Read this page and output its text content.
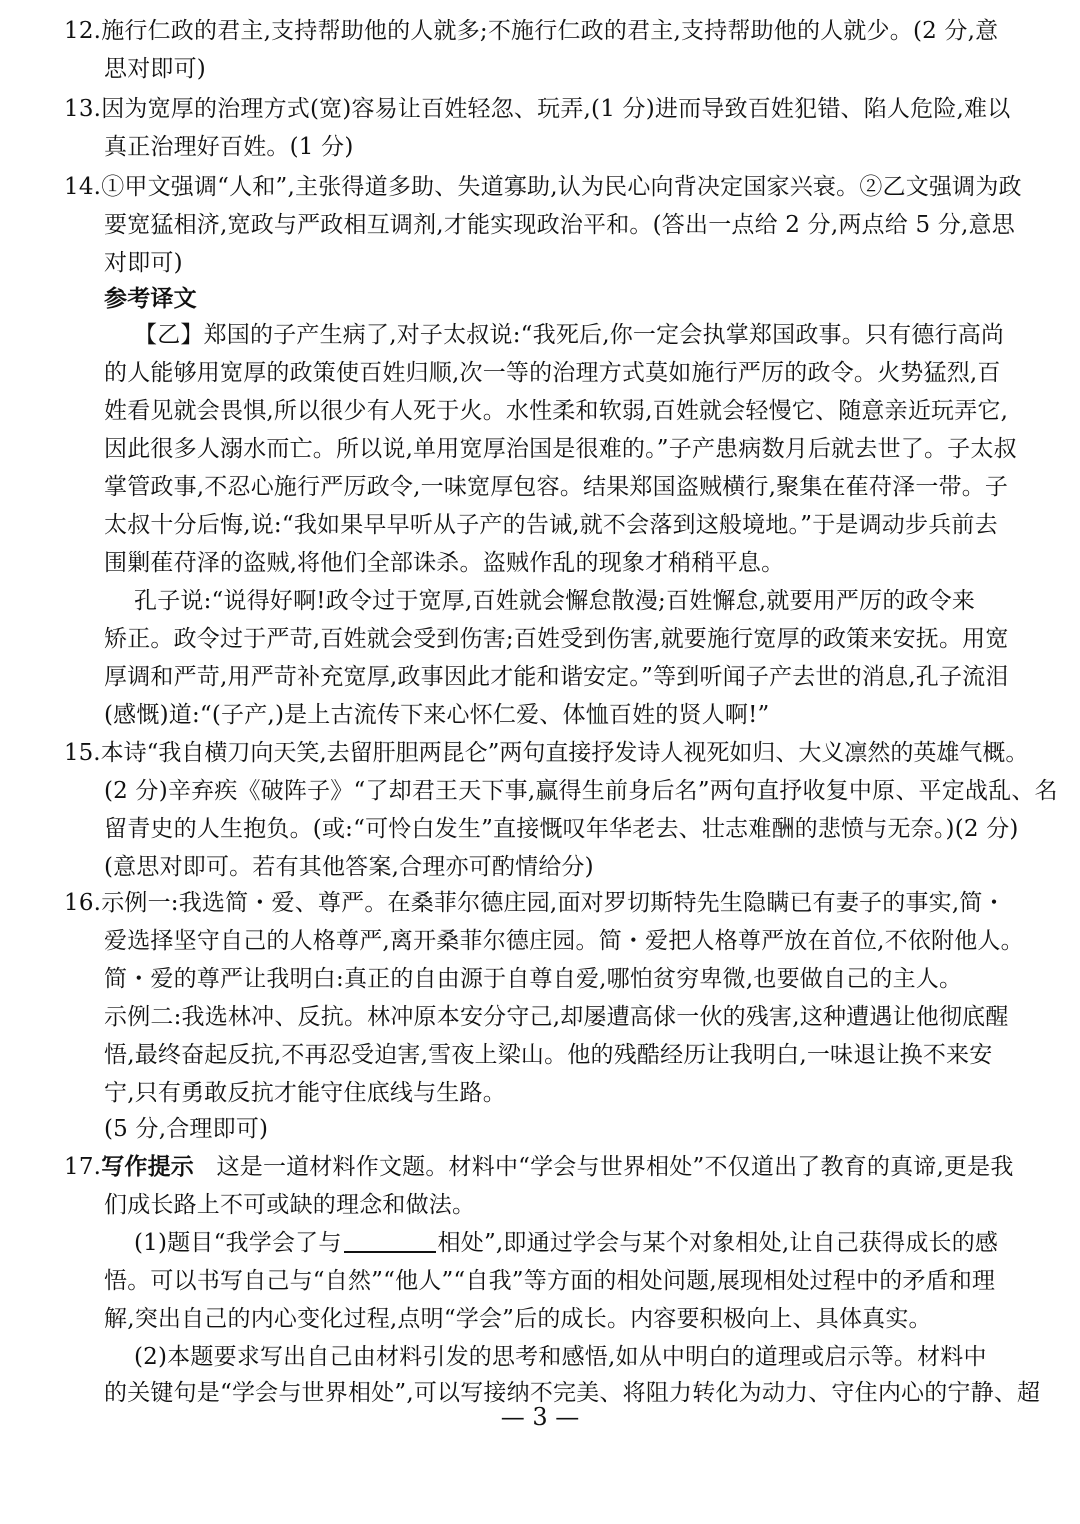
12.施行仁政的君主,支持帮助他的人就多;不施行仁政的君主,支持帮助他的人就少。(2 分,意
思对即可)
13.因为宽厚的治理方式(宽)容易让百姓轻忽、玩弄,(1 分)进而导致百姓犯错、陷人危险,难以
真正治理好百姓。(1 分)
14.①甲文强调“人和”,主张得道多助、失道寡助,认为民心向背决定国家兴衰。②乙文强调为政
要宽猛相济,宽政与严政相互调剂,才能实现政治平和。(答出一点给 2 分,两点给 5 分,意思
对即可)
参考译文
【乙】郑国的子产生病了,对子太叔说:“我死后,你一定会执掌郑国政事。只有德行高尚
的人能够用宽厚的政策使百姓归顺,次一等的治理方式莫如施行严厉的政令。火势猛烈,百
姓看见就会畏惧,所以很少有人死于火。水性柔和软弱,百姓就会轻慢它、随意亲近玩弄它,
因此很多人溺水而亡。所以说,单用宽厚治国是很难的。”子产患病数月后就去世了。子太叔
掌管政事,不忍心施行严厉政令,一味宽厚包容。结果郑国盗贼横行,聚集在萑苻泽一带。子
太叔十分后悔,说:“我如果早早听从子产的告诫,就不会落到这般境地。”于是调动步兵前去
围剿萑苻泽的盗贼,将他们全部诛杀。盗贼作乱的现象才稍稍平息。
孔子说:“说得好啊!政令过于宽厚,百姓就会懈怠散漫;百姓懈怠,就要用严厉的政令来
矫正。政令过于严苛,百姓就会受到伤害;百姓受到伤害,就要施行宽厚的政策来安抚。用宽
厚调和严苛,用严苛补充宽厚,政事因此才能和谐安定。”等到听闻子产去世的消息,孔子流泪
(感慨)道:“(子产,)是上古流传下来心怀仁爱、体恤百姓的贤人啊!”
15.本诗“我自横刀向天笑,去留肝胆两昆仑”两句直接抒发诗人视死如归、大义凛然的英雄气概。
(2 分)辛弃疾《破阵子》“了却君王天下事,赢得生前身后名”两句直抒收复中原、平定战乱、名
留青史的人生抱负。(或:“可怜白发生”直接慨叹年华老去、壮志难酬的悲愤与无奈。)(2 分)
(意思对即可。若有其他答案,合理亦可酌情给分)
16.示例一:我选简・爱、尊严。在桑菲尔德庄园,面对罗切斯特先生隐瞒已有妻子的事实,简・
爱选择坚守自己的人格尊严,离开桑菲尔德庄园。简・爱把人格尊严放在首位,不依附他人。
简・爱的尊严让我明白:真正的自由源于自尊自爱,哪怕贫穷卑微,也要做自己的主人。
示例二:我选林冲、反抗。林冲原本安分守己,却屡遭高俅一伙的残害,这种遭遇让他彻底醒
悟,最终奋起反抗,不再忍受迫害,雪夜上梁山。他的残酷经历让我明白,一味退让换不来安
宁,只有勇敢反抗才能守住底线与生路。
(5 分,合理即可)
17.写作提示 这是一道材料作文题。材料中“学会与世界相处”不仅道出了教育的真谛,更是我
们成长路上不可或缺的理念和做法。
(1)题目“我学会了与	相处”,即通过学会与某个对象相处,让自己获得成长的感
悟。可以书写自己与“自然”“他人”“自我”等方面的相处问题,展现相处过程中的矛盾和理
解,突出自己的内心变化过程,点明“学会”后的成长。内容要积极向上、具体真实。
(2)本题要求写出自己由材料引发的思考和感悟,如从中明白的道理或启示等。材料中
的关键句是“学会与世界相处”,可以写接纳不完美、将阻力转化为动力、守住内心的宁静、超
— 3 —
